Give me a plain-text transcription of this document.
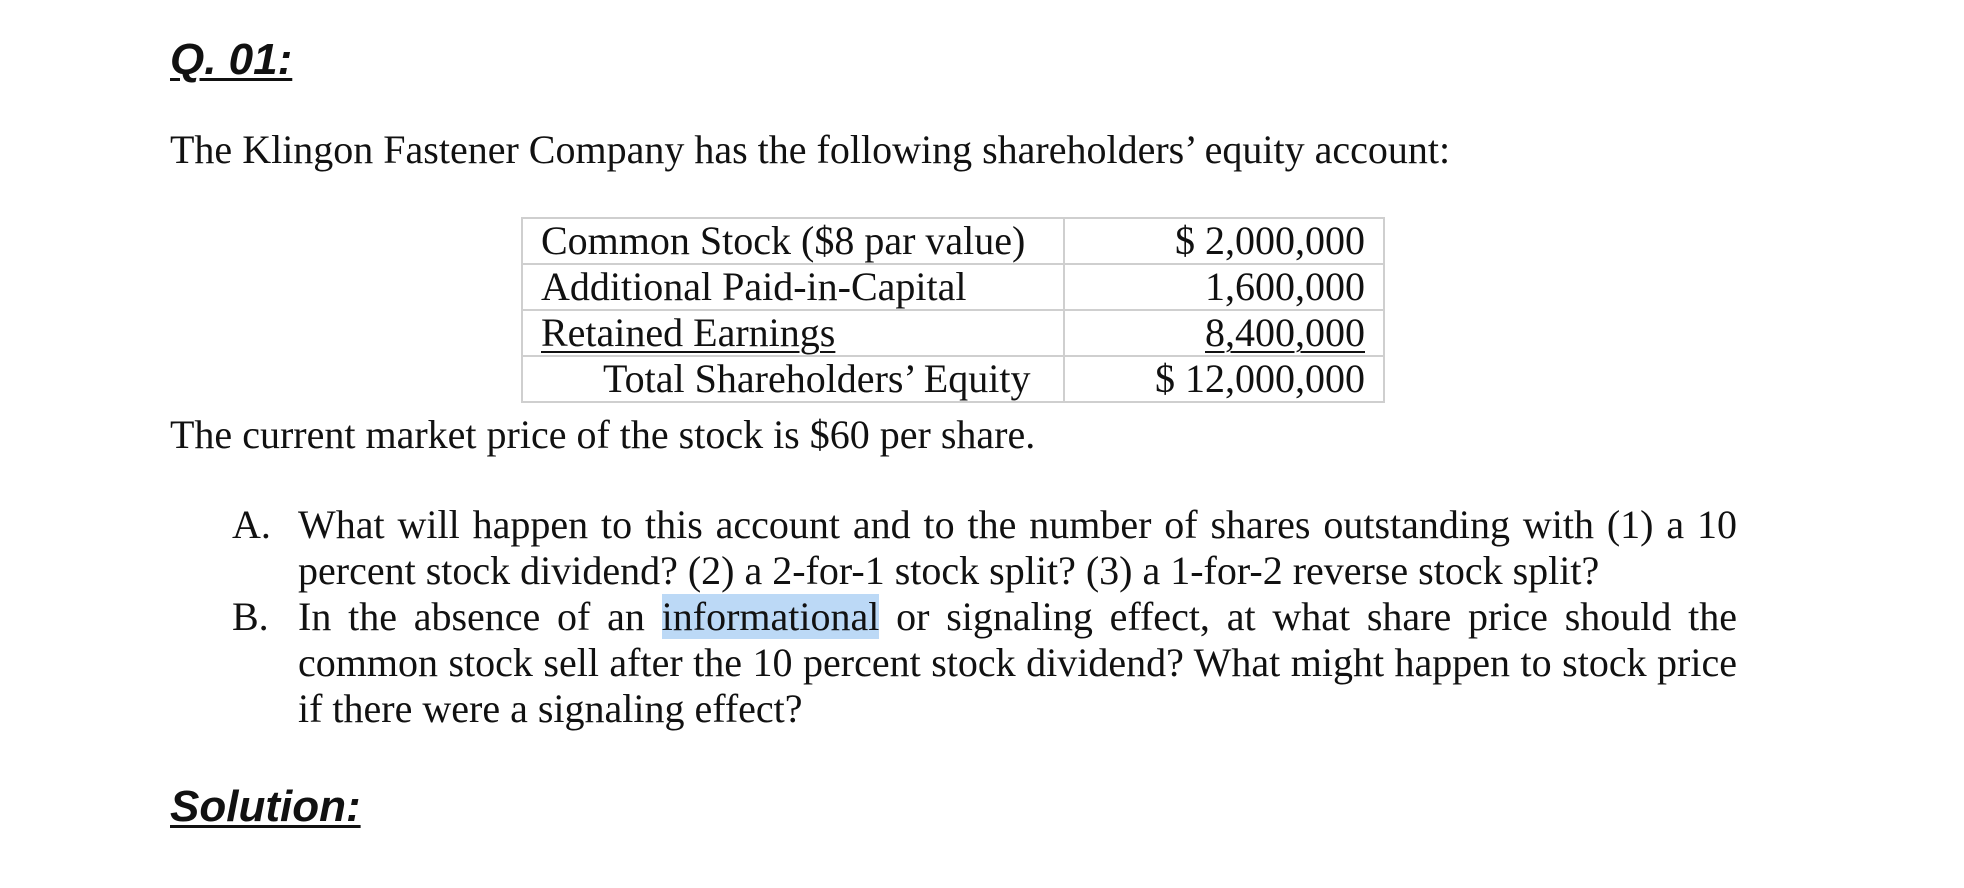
Q. 01:

The Klingon Fastener Company has the following shareholders’ equity account:

Common Stock ($8 par value)	$ 2,000,000
Additional Paid-in-Capital	1,600,000
Retained Earnings	8,400,000
Total Shareholders’ Equity	$ 12,000,000

The current market price of the stock is $60 per share.

A. What will happen to this account and to the number of shares outstanding with (1) a 10 percent stock dividend? (2) a 2-for-1 stock split? (3) a 1-for-2 reverse stock split?
B. In the absence of an informational or signaling effect, at what share price should the common stock sell after the 10 percent stock dividend? What might happen to stock price if there were a signaling effect?
Solution:
